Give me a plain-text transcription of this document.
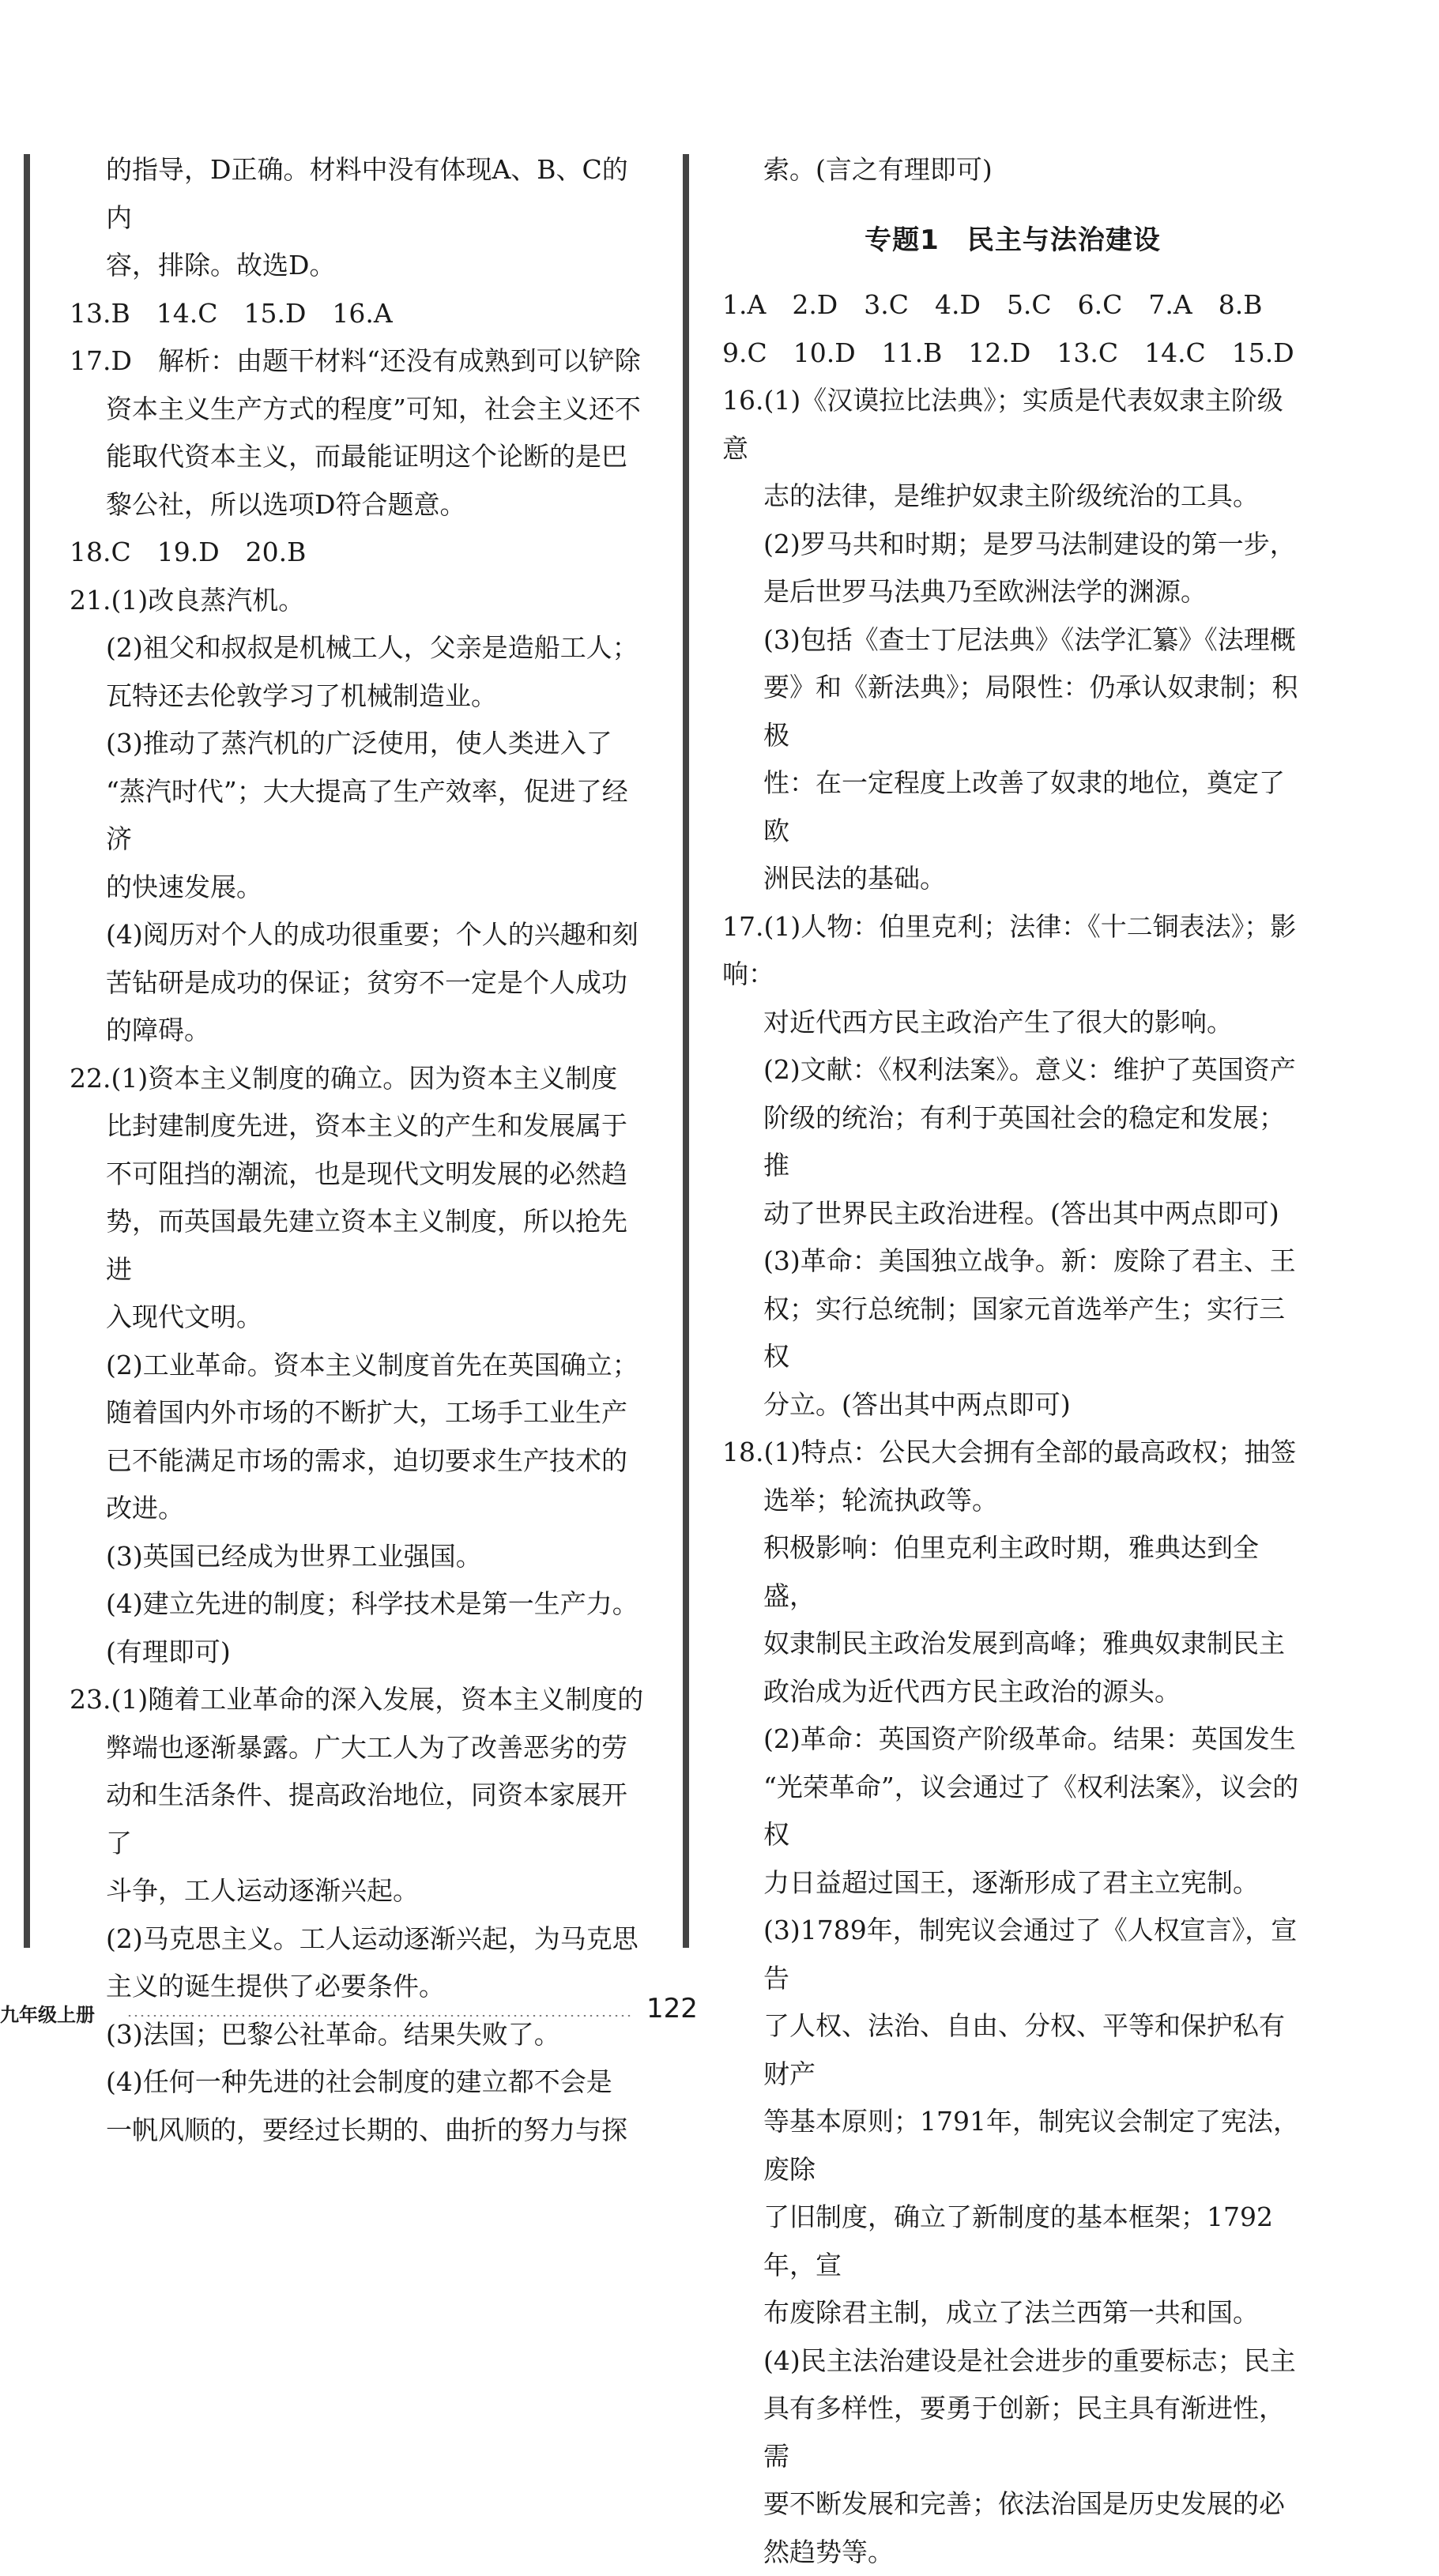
的指导，D正确。材料中没有体现A、B、C的内

容，排除。故选D。

13.B　14.C　15.D　16.A

17.D　解析：由题干材料“还没有成熟到可以铲除

资本主义生产方式的程度”可知，社会主义还不

能取代资本主义，而最能证明这个论断的是巴

黎公社，所以选项D符合题意。

18.C　19.D　20.B

21.(1)改良蒸汽机。

(2)祖父和叔叔是机械工人，父亲是造船工人；

瓦特还去伦敦学习了机械制造业。

(3)推动了蒸汽机的广泛使用，使人类进入了

“蒸汽时代”；大大提高了生产效率，促进了经济

的快速发展。

(4)阅历对个人的成功很重要；个人的兴趣和刻

苦钻研是成功的保证；贫穷不一定是个人成功

的障碍。

22.(1)资本主义制度的确立。因为资本主义制度

比封建制度先进，资本主义的产生和发展属于

不可阻挡的潮流，也是现代文明发展的必然趋

势，而英国最先建立资本主义制度，所以抢先进

入现代文明。

(2)工业革命。资本主义制度首先在英国确立；

随着国内外市场的不断扩大，工场手工业生产

已不能满足市场的需求，迫切要求生产技术的

改进。

(3)英国已经成为世界工业强国。

(4)建立先进的制度；科学技术是第一生产力。

(有理即可)

23.(1)随着工业革命的深入发展，资本主义制度的

弊端也逐渐暴露。广大工人为了改善恶劣的劳

动和生活条件、提高政治地位，同资本家展开了

斗争，工人运动逐渐兴起。

(2)马克思主义。工人运动逐渐兴起，为马克思

主义的诞生提供了必要条件。

(3)法国；巴黎公社革命。结果失败了。

(4)任何一种先进的社会制度的建立都不会是

一帆风顺的，要经过长期的、曲折的努力与探

索。(言之有理即可)

专题1　民主与法治建设

1.A　2.D　3.C　4.D　5.C　6.C　7.A　8.B

9.C　10.D　11.B　12.D　13.C　14.C　15.D

16.(1)《汉谟拉比法典》；实质是代表奴隶主阶级意

志的法律，是维护奴隶主阶级统治的工具。

(2)罗马共和时期；是罗马法制建设的第一步，

是后世罗马法典乃至欧洲法学的渊源。

(3)包括《查士丁尼法典》《法学汇纂》《法理概

要》和《新法典》；局限性：仍承认奴隶制；积极

性：在一定程度上改善了奴隶的地位，奠定了欧

洲民法的基础。

17.(1)人物：伯里克利；法律：《十二铜表法》；影响：

对近代西方民主政治产生了很大的影响。

(2)文献：《权利法案》。意义：维护了英国资产

阶级的统治；有利于英国社会的稳定和发展；推

动了世界民主政治进程。(答出其中两点即可)

(3)革命：美国独立战争。新：废除了君主、王

权；实行总统制；国家元首选举产生；实行三权

分立。(答出其中两点即可)

18.(1)特点：公民大会拥有全部的最高政权；抽签

选举；轮流执政等。

积极影响：伯里克利主政时期，雅典达到全盛，

奴隶制民主政治发展到高峰；雅典奴隶制民主

政治成为近代西方民主政治的源头。

(2)革命：英国资产阶级革命。结果：英国发生

“光荣革命”，议会通过了《权利法案》，议会的权

力日益超过国王，逐渐形成了君主立宪制。

(3)1789年，制宪议会通过了《人权宣言》，宣告

了人权、法治、自由、分权、平等和保护私有财产

等基本原则；1791年，制宪议会制定了宪法，废除

了旧制度，确立了新制度的基本框架；1792年，宣

布废除君主制，成立了法兰西第一共和国。

(4)民主法治建设是社会进步的重要标志；民主

具有多样性，要勇于创新；民主具有渐进性，需

要不断发展和完善；依法治国是历史发展的必

然趋势等。

九年级上册	122
